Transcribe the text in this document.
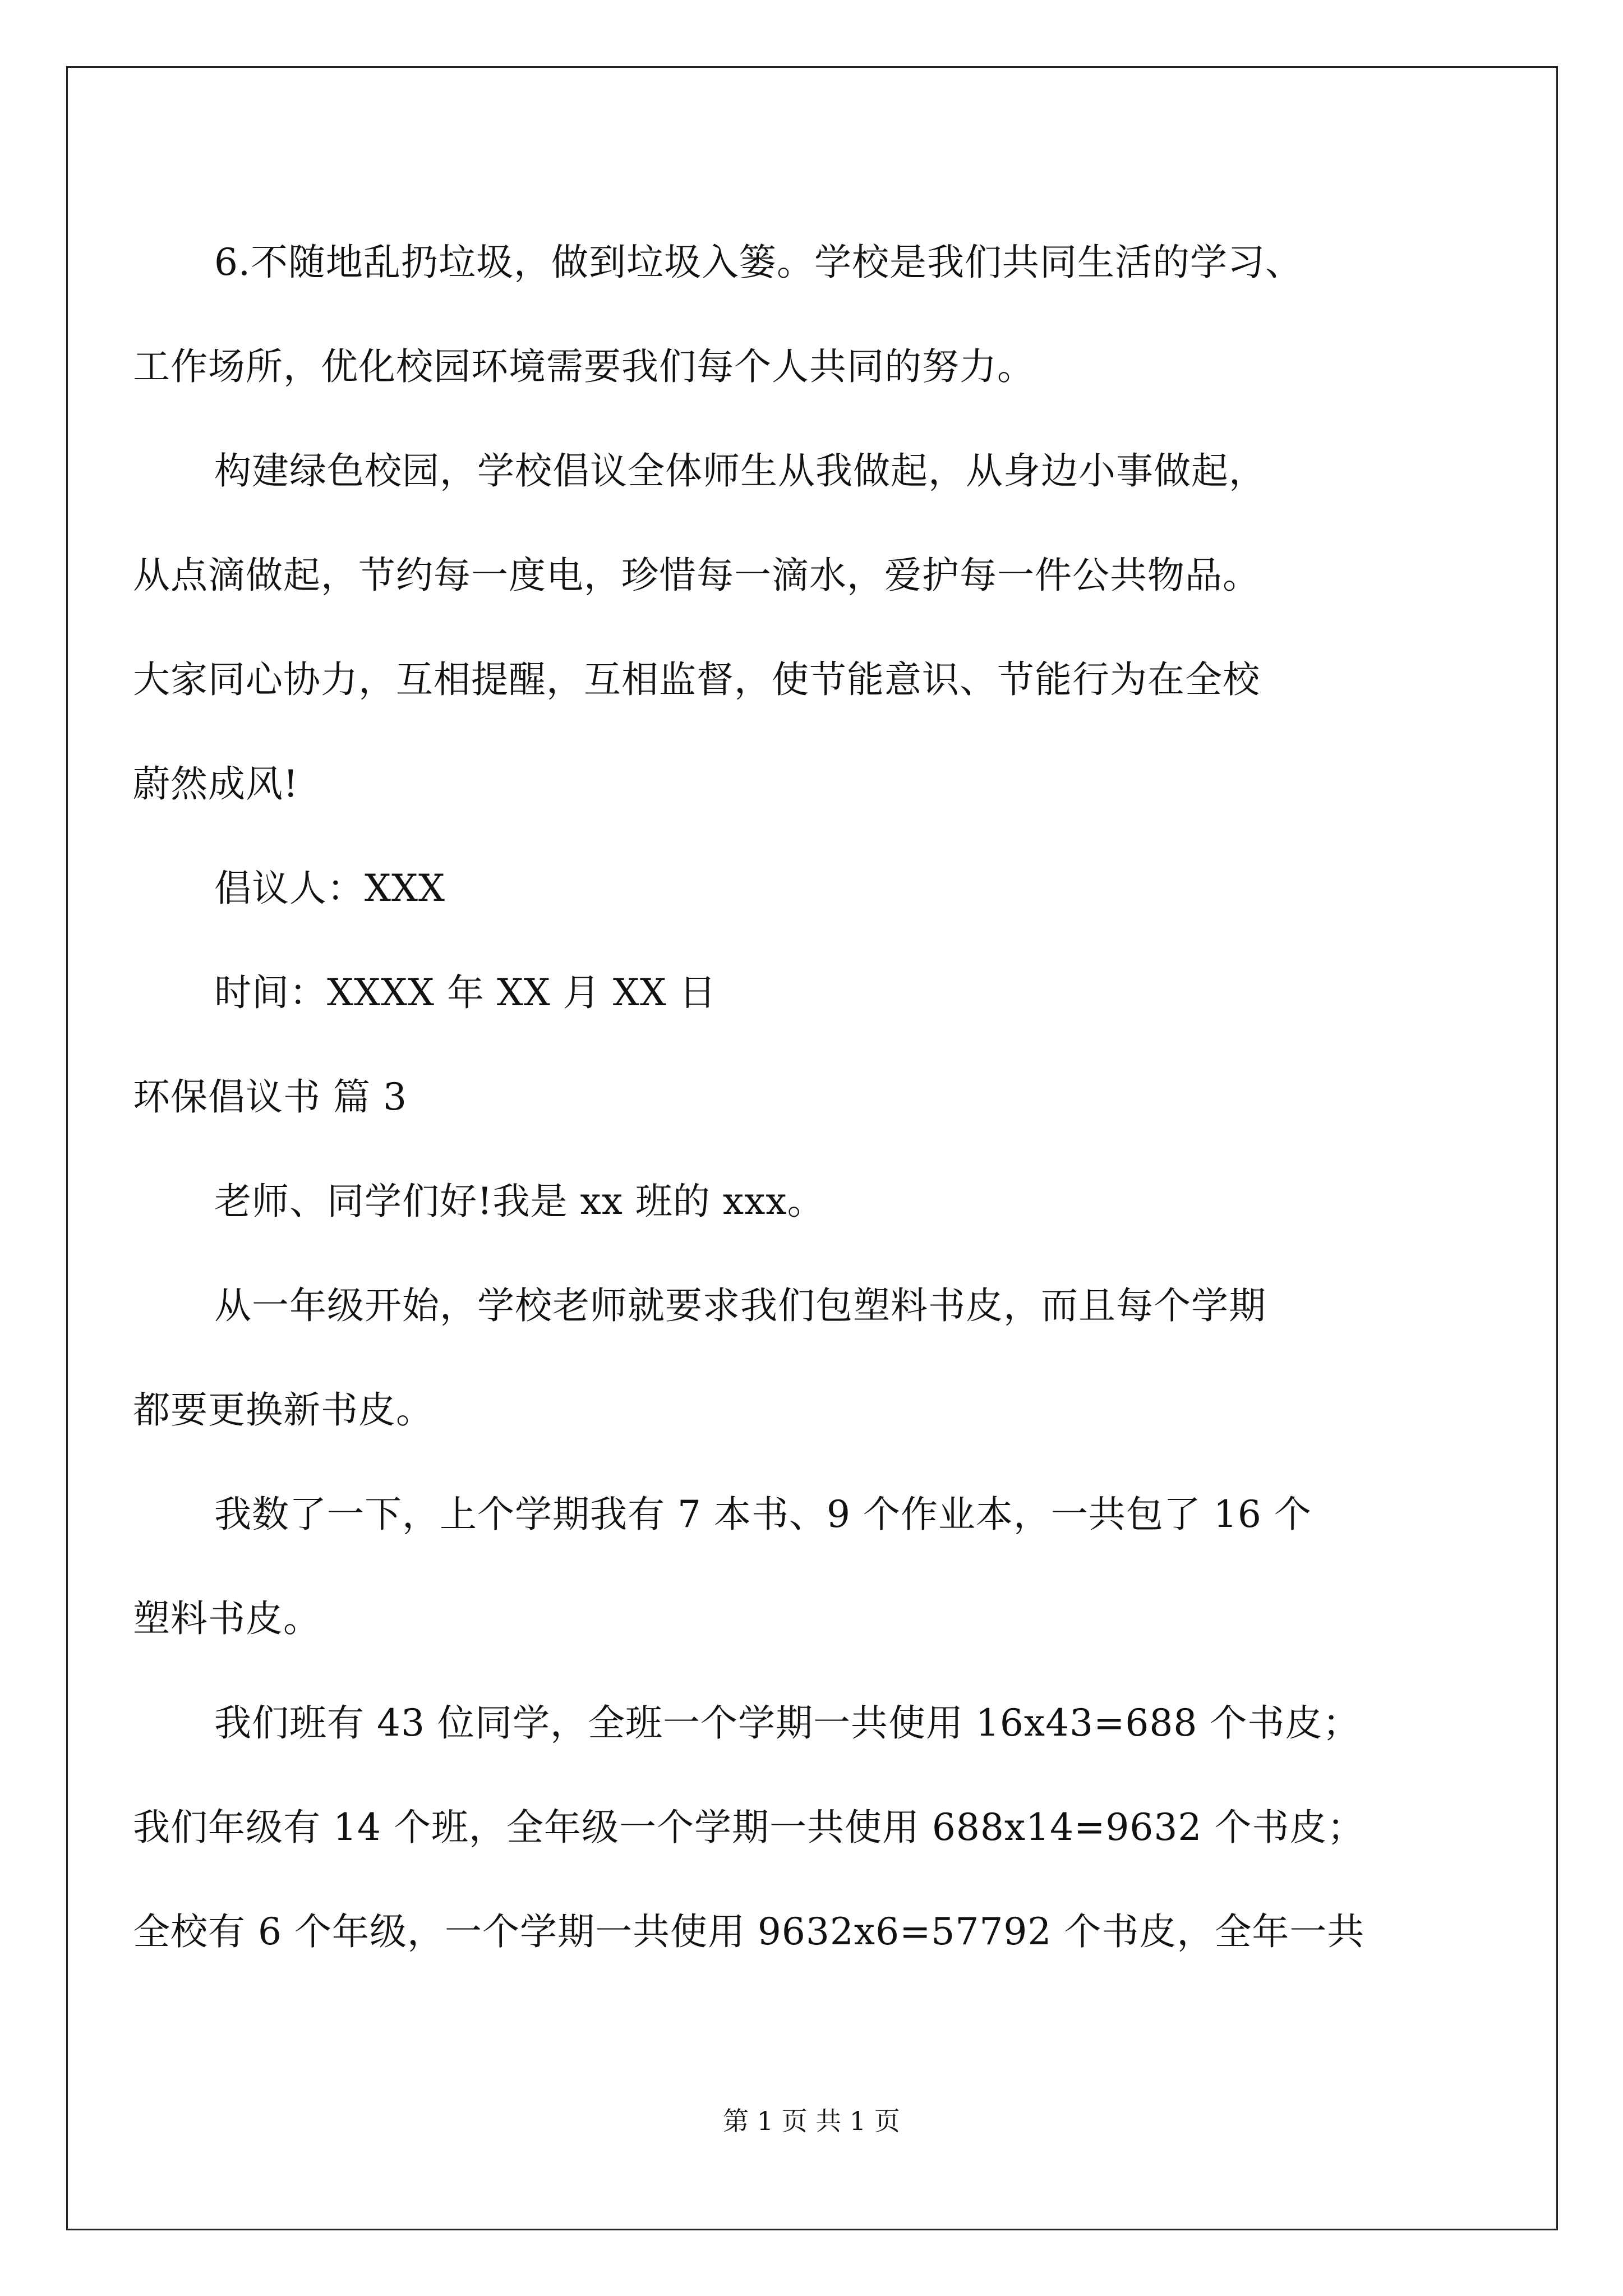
6.不随地乱扔垃圾，做到垃圾入篓。学校是我们共同生活的学习、
工作场所，优化校园环境需要我们每个人共同的努力。
构建绿色校园，学校倡议全体师生从我做起，从身边小事做起，
从点滴做起，节约每一度电，珍惜每一滴水，爱护每一件公共物品。
大家同心协力，互相提醒，互相监督，使节能意识、节能行为在全校
蔚然成风!
倡议人：XXX
时间：XXXX 年 XX 月 XX 日
环保倡议书 篇 3
老师、同学们好!我是 xx 班的 xxx。
从一年级开始，学校老师就要求我们包塑料书皮，而且每个学期
都要更换新书皮。
我数了一下，上个学期我有 7 本书、9 个作业本，一共包了 16 个
塑料书皮。
我们班有 43 位同学，全班一个学期一共使用 16x43=688 个书皮；
我们年级有 14 个班，全年级一个学期一共使用 688x14=9632 个书皮；
全校有 6 个年级，一个学期一共使用 9632x6=57792 个书皮，全年一共
第 1 页 共 1 页
